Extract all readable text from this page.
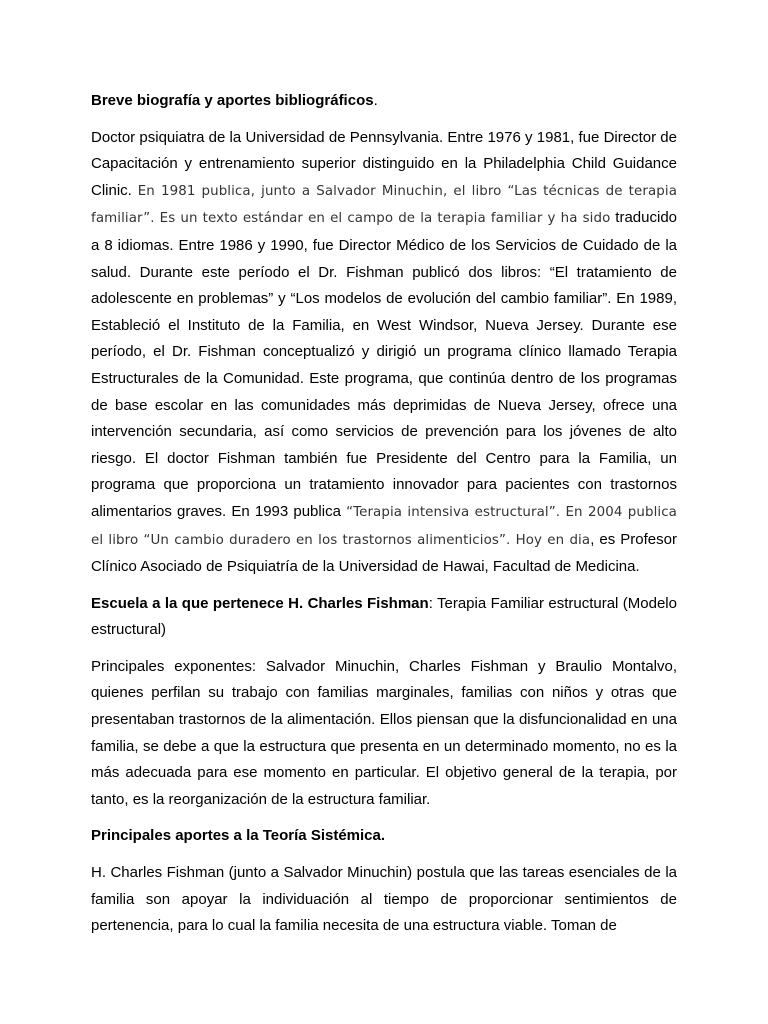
Breve biografía y aportes bibliográficos.

Doctor psiquiatra de la Universidad de Pennsylvania. Entre 1976 y 1981, fue Director de Capacitación y entrenamiento superior distinguido en la Philadelphia Child Guidance Clinic. En 1981 publica, junto a Salvador Minuchin, el libro “Las técnicas de terapia familiar”. Es un texto estándar en el campo de la terapia familiar y ha sido traducido a 8 idiomas. Entre 1986 y 1990, fue Director Médico de los Servicios de Cuidado de la salud. Durante este período el Dr. Fishman publicó dos libros: “El tratamiento de adolescente en problemas” y “Los modelos de evolución del cambio familiar”. En 1989, Estableció el Instituto de la Familia, en West Windsor, Nueva Jersey. Durante ese período, el Dr. Fishman conceptualizó y dirigió un programa clínico llamado Terapia Estructurales de la Comunidad. Este programa, que continúa dentro de los programas de base escolar en las comunidades más deprimidas de Nueva Jersey, ofrece una intervención secundaria, así como servicios de prevención para los jóvenes de alto riesgo. El doctor Fishman también fue Presidente del Centro para la Familia, un programa que proporciona un tratamiento innovador para pacientes con trastornos alimentarios graves. En 1993 publica “Terapia intensiva estructural”. En 2004 publica el libro “Un cambio duradero en los trastornos alimenticios”. Hoy en dia, es Profesor Clínico Asociado de Psiquiatría de la Universidad de Hawai, Facultad de Medicina.

Escuela a la que pertenece H. Charles Fishman: Terapia Familiar estructural (Modelo estructural)

Principales exponentes: Salvador Minuchin, Charles Fishman y Braulio Montalvo, quienes perfilan su trabajo con familias marginales, familias con niños y otras que presentaban trastornos de la alimentación. Ellos piensan que la disfuncionalidad en una familia, se debe a que la estructura que presenta en un determinado momento, no es la más adecuada para ese momento en particular. El objetivo general de la terapia, por tanto, es la reorganización de la estructura familiar.

Principales aportes a la Teoría Sistémica.

H. Charles Fishman (junto a Salvador Minuchin) postula que las tareas esenciales de la familia son apoyar la individuación al tiempo de proporcionar sentimientos de pertenencia, para lo cual la familia necesita de una estructura viable. Toman de
